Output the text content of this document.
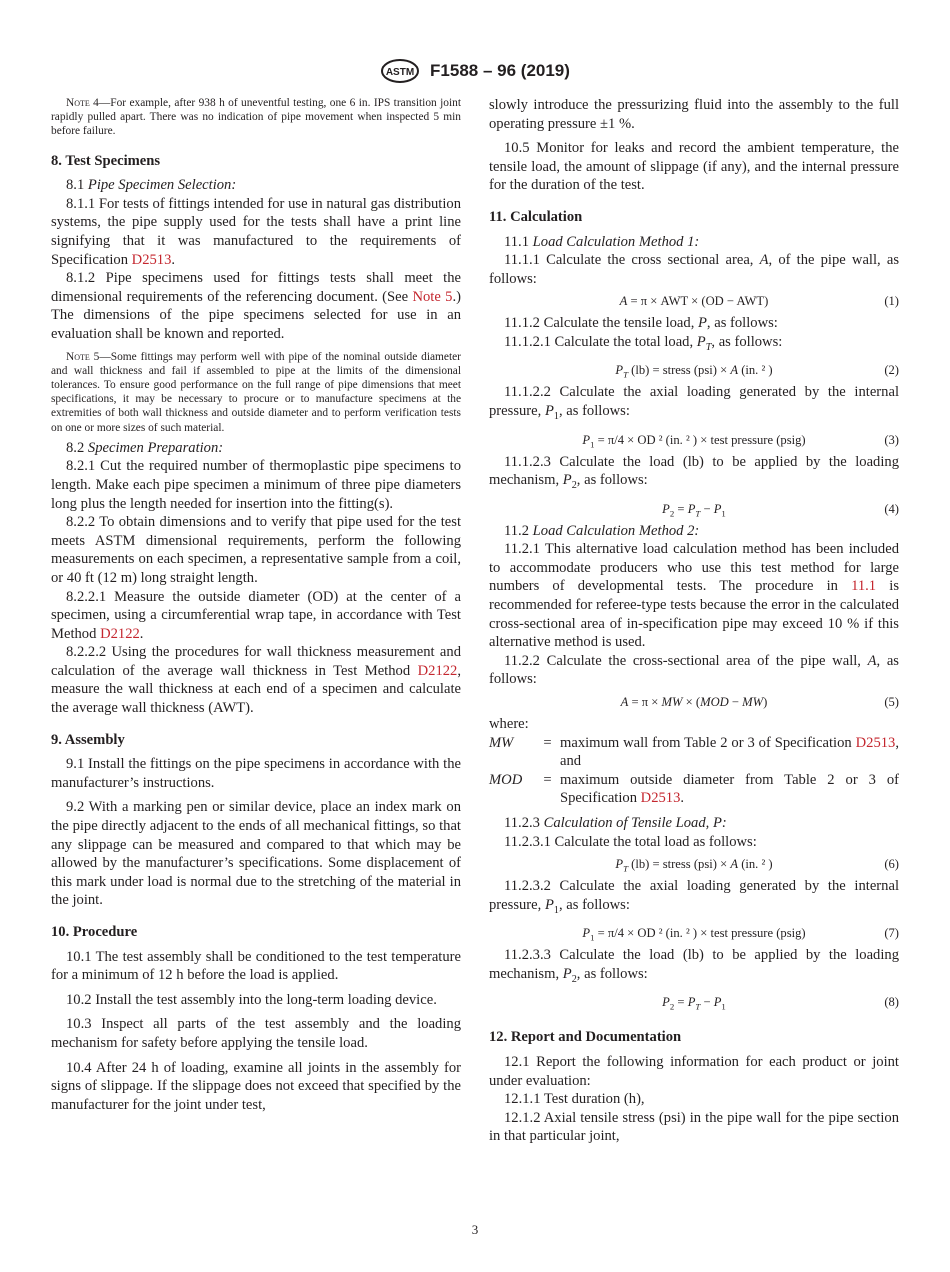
ASTM F1588 – 96 (2019)

Note 4—For example, after 938 h of uneventful testing, one 6 in. IPS transition joint rapidly pulled apart. There was no indication of pipe movement when inspected 5 min before failure.

8. Test Specimens

8.1 Pipe Specimen Selection:

8.1.1 For tests of fittings intended for use in natural gas distribution systems, the pipe supply used for the tests shall have a print line signifying that it was manufactured to the requirements of Specification D2513.

8.1.2 Pipe specimens used for fittings tests shall meet the dimensional requirements of the referencing document. (See Note 5.) The dimensions of the pipe specimens selected for use in an evaluation shall be known and reported.

Note 5—Some fittings may perform well with pipe of the nominal outside diameter and wall thickness and fail if assembled to pipe at the limits of the dimensional tolerances. To ensure good performance on the full range of pipe dimensions that meet specifications, it may be necessary to procure or to manufacture specimens at the extremities of both wall thickness and outside diameter and to perform verification tests on one or more sizes of such material.

8.2 Specimen Preparation:

8.2.1 Cut the required number of thermoplastic pipe specimens to length. Make each pipe specimen a minimum of three pipe diameters long plus the length needed for insertion into the fitting(s).

8.2.2 To obtain dimensions and to verify that pipe used for the test meets ASTM dimensional requirements, perform the following measurements on each specimen, a representative sample from a coil, or 40 ft (12 m) long straight length.

8.2.2.1 Measure the outside diameter (OD) at the center of a specimen, using a circumferential wrap tape, in accordance with Test Method D2122.

8.2.2.2 Using the procedures for wall thickness measurement and calculation of the average wall thickness in Test Method D2122, measure the wall thickness at each end of a specimen and calculate the average wall thickness (AWT).

9. Assembly

9.1 Install the fittings on the pipe specimens in accordance with the manufacturer’s instructions.

9.2 With a marking pen or similar device, place an index mark on the pipe directly adjacent to the ends of all mechanical fittings, so that any slippage can be measured and compared to that which may be allowed by the manufacturer’s specifications. Some displacement of this mark under load is normal due to the stretching of the material in the joint.

10. Procedure

10.1 The test assembly shall be conditioned to the test temperature for a minimum of 12 h before the load is applied.

10.2 Install the test assembly into the long-term loading device.

10.3 Inspect all parts of the test assembly and the loading mechanism for safety before applying the tensile load.

10.4 After 24 h of loading, examine all joints in the assembly for signs of slippage. If the slippage does not exceed that specified by the manufacturer for the joint under test,

slowly introduce the pressurizing fluid into the assembly to the full operating pressure ±1 %.

10.5 Monitor for leaks and record the ambient temperature, the tensile load, the amount of slippage (if any), and the internal pressure for the duration of the test.

11. Calculation

11.1 Load Calculation Method 1:

11.1.1 Calculate the cross sectional area, A, of the pipe wall, as follows:

A = π × AWT × (OD − AWT)	(1)

11.1.2 Calculate the tensile load, P, as follows:

11.1.2.1 Calculate the total load, $P_T$, as follows:

$P_T$ (lb) = stress (psi) × A (in. ² )	(2)

11.1.2.2 Calculate the axial loading generated by the internal pressure, $P_1$, as follows:

$P_1 = \pi/4$ × OD ² (in. ² ) × test pressure (psig)	(3)

11.1.2.3 Calculate the load (lb) to be applied by the loading mechanism, $P_2$, as follows:

$P_2 = P_T - P_1$	(4)

11.2 Load Calculation Method 2:

11.2.1 This alternative load calculation method has been included to accommodate producers who use this test method for large numbers of developmental tests. The procedure in 11.1 is recommended for referee-type tests because the error in the calculated cross-sectional area of in-specification pipe may exceed 10 % if this alternative method is used.

11.2.2 Calculate the cross-sectional area of the pipe wall, A, as follows:

A = π × MW × (MOD − MW)	(5)

where:

MW	= maximum wall from Table 2 or 3 of Specification D2513, and
MOD	= maximum outside diameter from Table 2 or 3 of Specification D2513.

11.2.3 Calculation of Tensile Load, P:

11.2.3.1 Calculate the total load as follows:

$P_T$ (lb) = stress (psi) × A (in. ² )	(6)

11.2.3.2 Calculate the axial loading generated by the internal pressure, $P_1$, as follows:

$P_1 = \pi/4$ × OD ² (in. ² ) × test pressure (psig)	(7)

11.2.3.3 Calculate the load (lb) to be applied by the loading mechanism, $P_2$, as follows:

$P_2 = P_T - P_1$	(8)
12. Report and Documentation

12.1 Report the following information for each product or joint under evaluation:

12.1.1 Test duration (h),

12.1.2 Axial tensile stress (psi) in the pipe wall for the pipe section in that particular joint,

3
